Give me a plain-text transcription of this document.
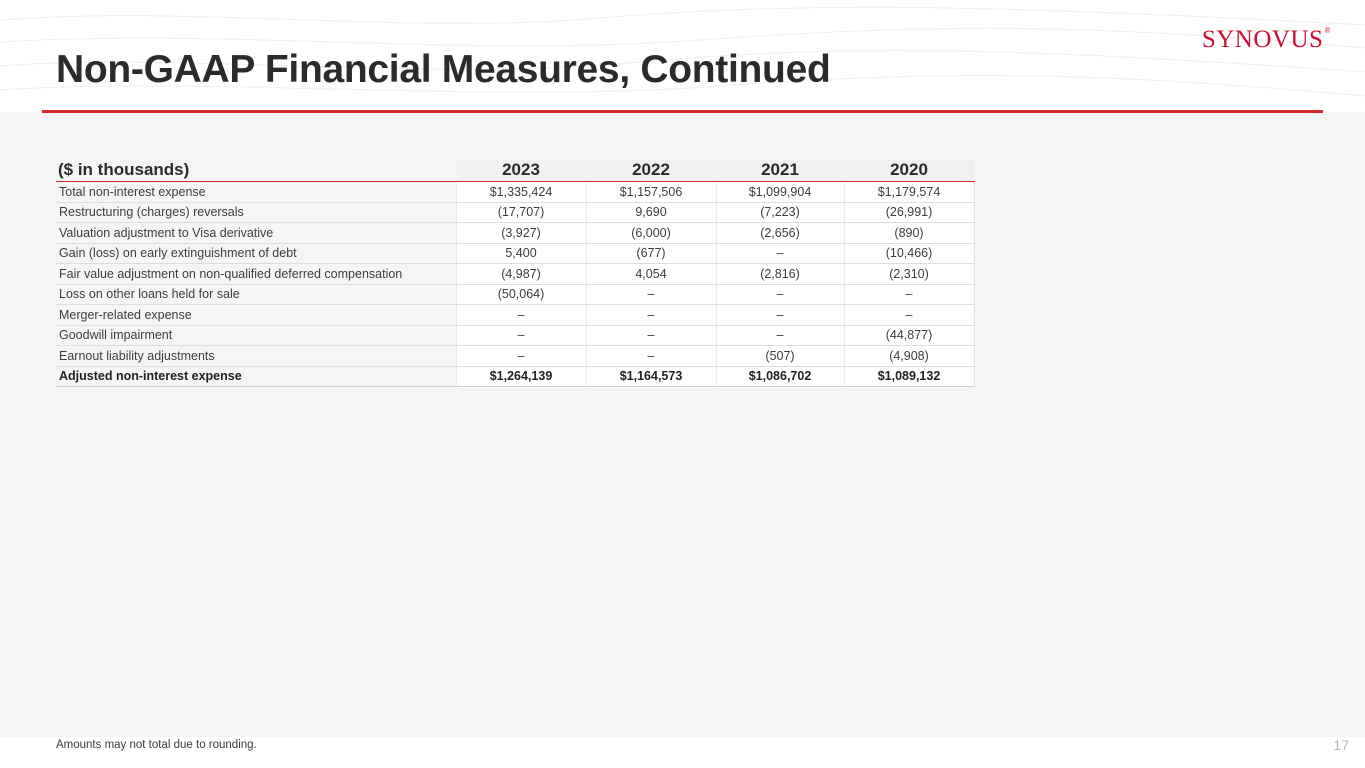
Non-GAAP Financial Measures, Continued
SYNOVUS®
($ in thousands)	2023	2022	2021	2020
Total non-interest expense	$1,335,424	$1,157,506	$1,099,904	$1,179,574
Restructuring (charges) reversals	(17,707)	9,690	(7,223)	(26,991)
Valuation adjustment to Visa derivative	(3,927)	(6,000)	(2,656)	(890)
Gain (loss) on early extinguishment of debt	5,400	(677)	–	(10,466)
Fair value adjustment on non-qualified deferred compensation	(4,987)	4,054	(2,816)	(2,310)
Loss on other loans held for sale	(50,064)	–	–	–
Merger-related expense	–	–	–	–
Goodwill impairment	–	–	–	(44,877)
Earnout liability adjustments	–	–	(507)	(4,908)
Adjusted non-interest expense	$1,264,139	$1,164,573	$1,086,702	$1,089,132
Amounts may not total due to rounding.	17
